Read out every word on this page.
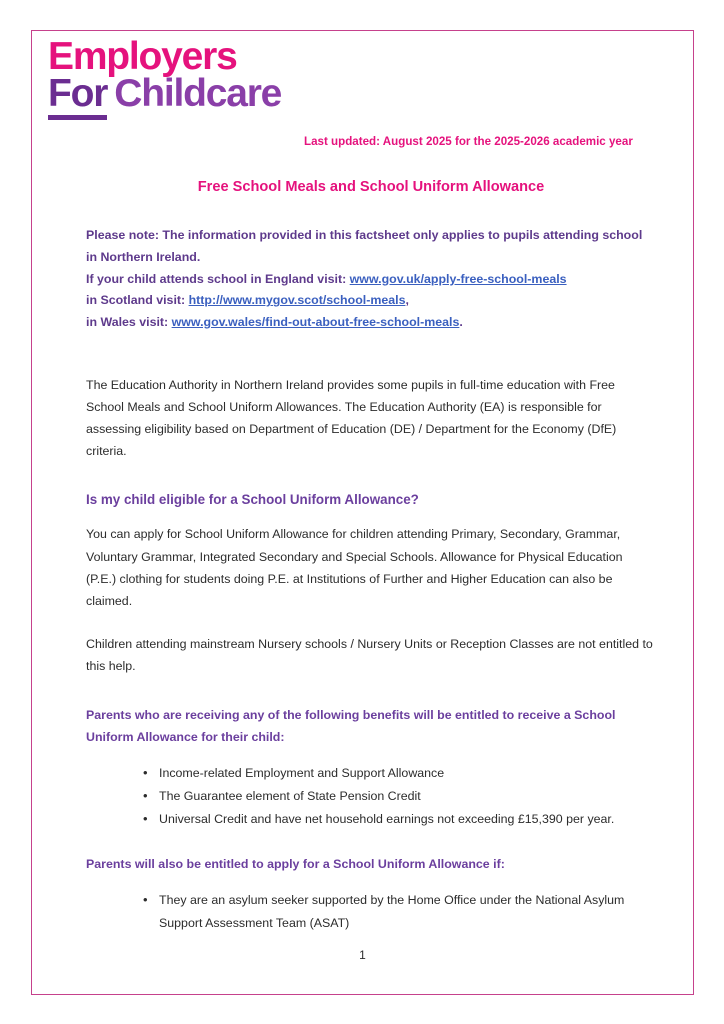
Employers
For Childcare

Last updated: August 2025 for the 2025-2026 academic year

Free School Meals and School Uniform Allowance

Please note: The information provided in this factsheet only applies to pupils attending school in Northern Ireland.
If your child attends school in England visit: www.gov.uk/apply-free-school-meals
in Scotland visit: http://www.mygov.scot/school-meals,
in Wales visit: www.gov.wales/find-out-about-free-school-meals.

The Education Authority in Northern Ireland provides some pupils in full-time education with Free School Meals and School Uniform Allowances. The Education Authority (EA) is responsible for assessing eligibility based on Department of Education (DE) / Department for the Economy (DfE) criteria.

Is my child eligible for a School Uniform Allowance?

You can apply for School Uniform Allowance for children attending Primary, Secondary, Grammar, Voluntary Grammar, Integrated Secondary and Special Schools. Allowance for Physical Education (P.E.) clothing for students doing P.E. at Institutions of Further and Higher Education can also be claimed.

Children attending mainstream Nursery schools / Nursery Units or Reception Classes are not entitled to this help.

Parents who are receiving any of the following benefits will be entitled to receive a School Uniform Allowance for their child:

• Income-related Employment and Support Allowance
• The Guarantee element of State Pension Credit
• Universal Credit and have net household earnings not exceeding £15,390 per year.

Parents will also be entitled to apply for a School Uniform Allowance if:

• They are an asylum seeker supported by the Home Office under the National Asylum Support Assessment Team (ASAT)
1
